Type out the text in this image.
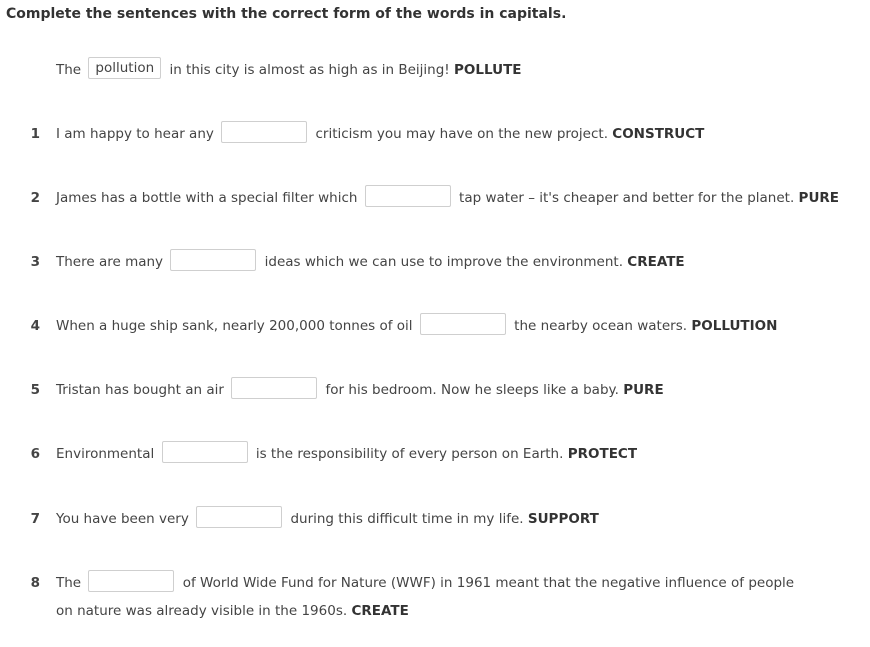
Complete the sentences with the correct form of the words in capitals.
The pollution in this city is almost as high as in Beijing! POLLUTE
1 I am happy to hear any	criticism you may have on the new project. CONSTRUCT
2 James has a bottle with a special filter which	tap water – it's cheaper and better for the planet. PURE
3 There are many	ideas which we can use to improve the environment. CREATE
4 When a huge ship sank, nearly 200,000 tonnes of oil	the nearby ocean waters. POLLUTION
5 Tristan has bought an air	for his bedroom. Now he sleeps like a baby. PURE
6 Environmental	is the responsibility of every person on Earth. PROTECT
7 You have been very	during this difficult time in my life. SUPPORT
8 The	of World Wide Fund for Nature (WWF) in 1961 meant that the negative influence of people on nature was already visible in the 1960s. CREATE
